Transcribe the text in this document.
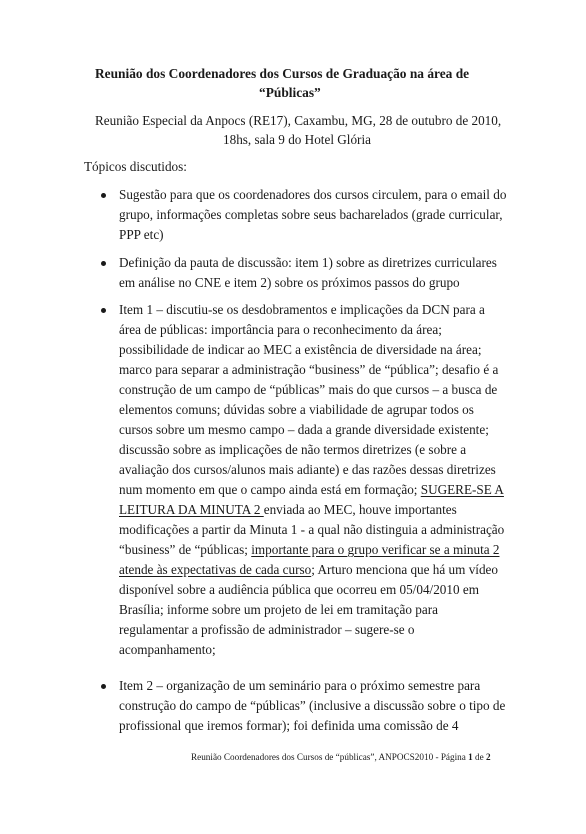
Reunião dos Coordenadores dos Cursos de Graduação na área de
“Públicas”
Reunião Especial da Anpocs (RE17), Caxambu, MG, 28 de outubro de 2010,
18hs, sala 9 do Hotel Glória
Tópicos discutidos:
Sugestão para que os coordenadores dos cursos circulem, para o email do
grupo, informações completas sobre seus bacharelados (grade curricular,
PPP etc)
Definição da pauta de discussão: item 1) sobre as diretrizes curriculares
em análise no CNE e item 2) sobre os próximos passos do grupo
Item 1 – discutiu-se os desdobramentos e implicações da DCN para a
área de públicas: importância para o reconhecimento da área;
possibilidade de indicar ao MEC a existência de diversidade na área;
marco para separar a administração “business” de “pública”; desafio é a
construção de um campo de “públicas” mais do que cursos – a busca de
elementos comuns; dúvidas sobre a viabilidade de agrupar todos os
cursos sobre um mesmo campo – dada a grande diversidade existente;
discussão sobre as implicações de não termos diretrizes (e sobre a
avaliação dos cursos/alunos mais adiante) e das razões dessas diretrizes
num momento em que o campo ainda está em formação; SUGERE-SE A
LEITURA DA MINUTA 2 enviada ao MEC, houve importantes
modificações a partir da Minuta 1 - a qual não distinguia a administração
“business” de “públicas; importante para o grupo verificar se a minuta 2
atende às expectativas de cada curso; Arturo menciona que há um vídeo
disponível sobre a audiência pública que ocorreu em 05/04/2010 em
Brasília; informe sobre um projeto de lei em tramitação para
regulamentar a profissão de administrador – sugere-se o
acompanhamento;
Item 2 – organização de um seminário para o próximo semestre para
construção do campo de “públicas” (inclusive a discussão sobre o tipo de
profissional que iremos formar); foi definida uma comissão de 4
Reunião Coordenadores dos Cursos de “públicas”, ANPOCS2010 - Página 1 de 2
